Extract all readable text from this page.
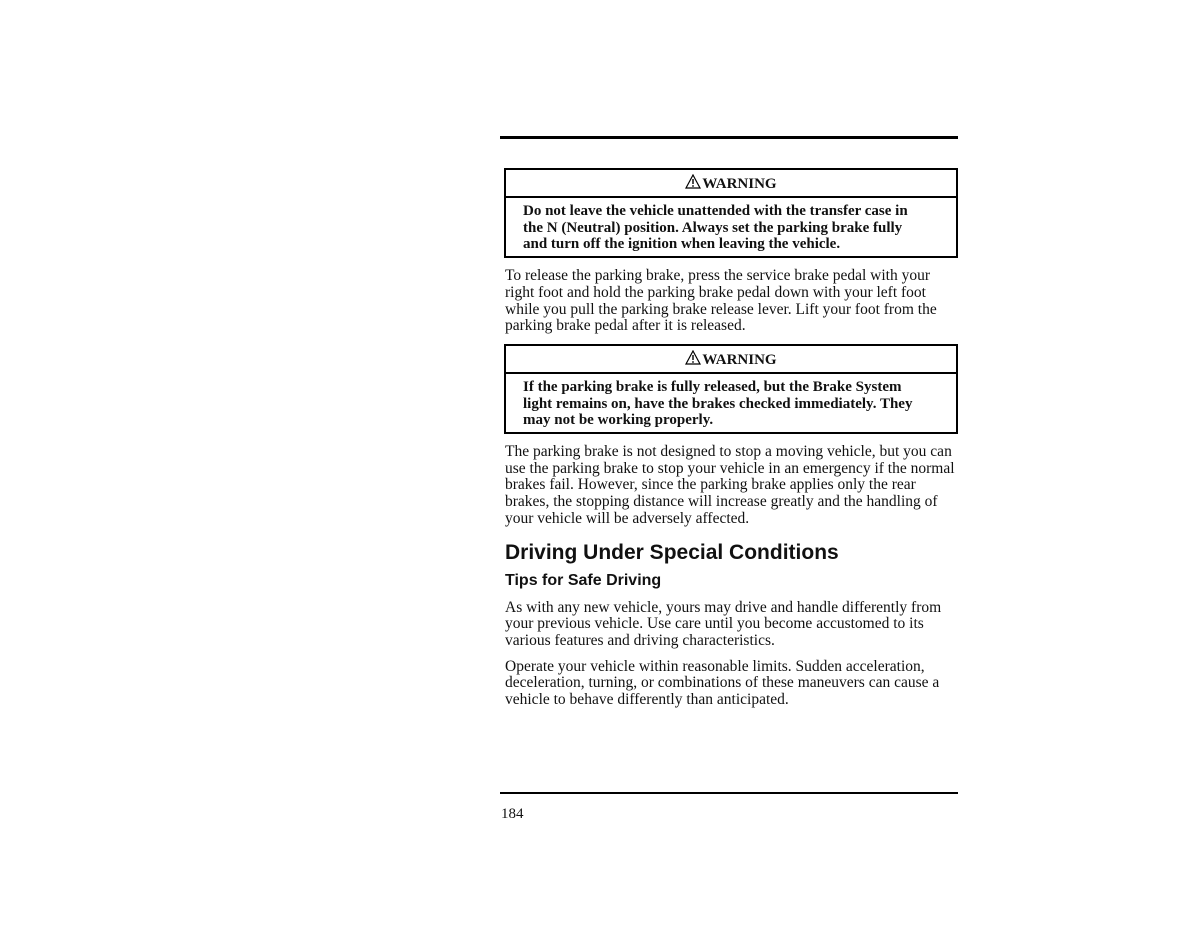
WARNING
Do not leave the vehicle unattended with the transfer case in the N (Neutral) position. Always set the parking brake fully and turn off the ignition when leaving the vehicle.

To release the parking brake, press the service brake pedal with your right foot and hold the parking brake pedal down with your left foot while you pull the parking brake release lever. Lift your foot from the parking brake pedal after it is released.

WARNING
If the parking brake is fully released, but the Brake System light remains on, have the brakes checked immediately. They may not be working properly.

The parking brake is not designed to stop a moving vehicle, but you can use the parking brake to stop your vehicle in an emergency if the normal brakes fail. However, since the parking brake applies only the rear brakes, the stopping distance will increase greatly and the handling of your vehicle will be adversely affected.

Driving Under Special Conditions
Tips for Safe Driving

As with any new vehicle, yours may drive and handle differently from your previous vehicle. Use care until you become accustomed to its various features and driving characteristics.

Operate your vehicle within reasonable limits. Sudden acceleration, deceleration, turning, or combinations of these maneuvers can cause a vehicle to behave differently than anticipated.

184
